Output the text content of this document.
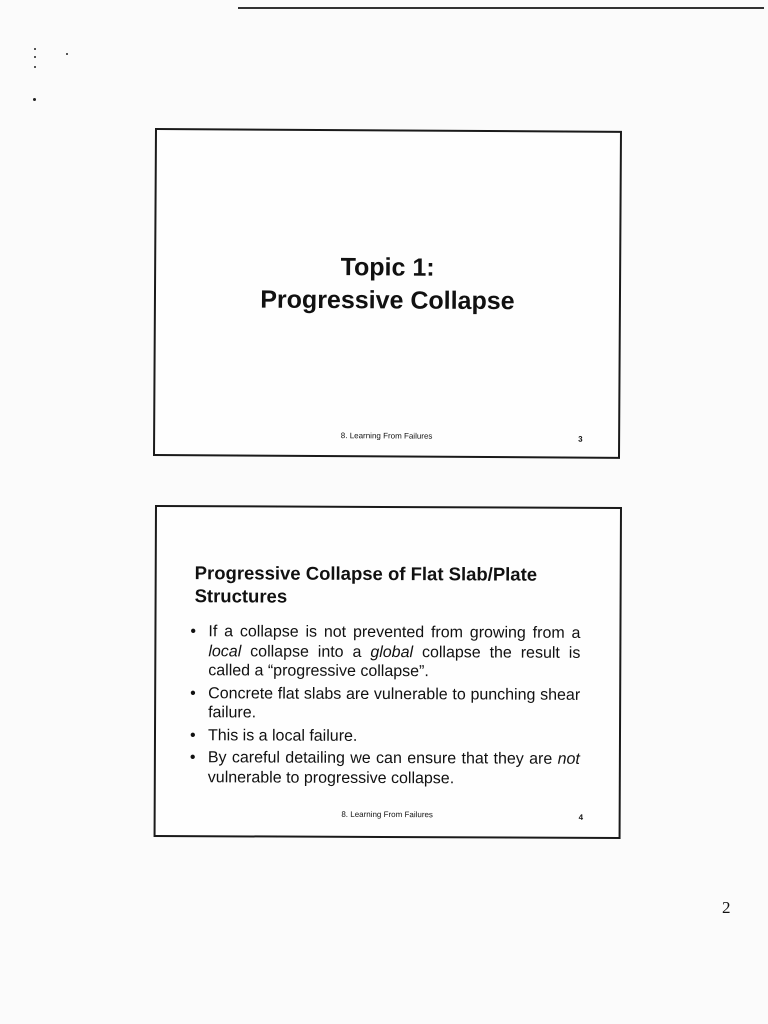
Topic 1:
Progressive Collapse
8. Learning From Failures	3
Progressive Collapse of Flat Slab/Plate Structures
• If a collapse is not prevented from growing from a local collapse into a global collapse the result is called a “progressive collapse”.
• Concrete flat slabs are vulnerable to punching shear failure.
• This is a local failure.
• By careful detailing we can ensure that they are not vulnerable to progressive collapse.
8. Learning From Failures	4
2
